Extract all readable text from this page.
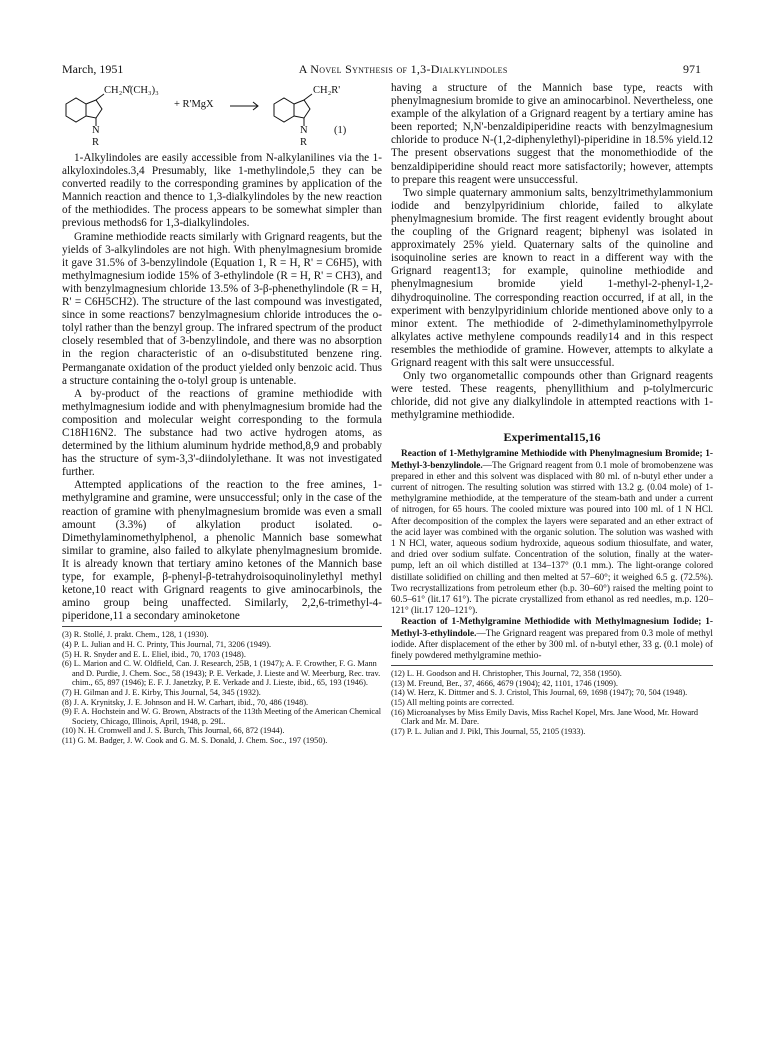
March, 1951	A Novel Synthesis of 1,3-Dialkylindoles	971
CH₂N̊(CH₃)₃
+ R'MgX
CH₂R'
N
R
N
R
(1)

1-Alkylindoles are easily accessible from N-alkylanilines via the 1-alkyloxindoles.3,4 Presumably, like 1-methylindole,5 they can be converted readily to the corresponding gramines by application of the Mannich reaction and thence to 1,3-dialkylindoles by the new reaction of the methiodides. The process appears to be somewhat simpler than previous methods6 for 1,3-dialkylindoles.

Gramine methiodide reacts similarly with Grignard reagents, but the yields of 3-alkylindoles are not high. With phenylmagnesium bromide it gave 31.5% of 3-benzylindole (Equation 1, R = H, R' = C6H5), with methylmagnesium iodide 15% of 3-ethylindole (R = H, R' = CH3), and with benzylmagnesium chloride 13.5% of 3-β-phenethylindole (R = H, R' = C6H5CH2). The structure of the last compound was investigated, since in some reactions7 benzylmagnesium chloride introduces the o-tolyl rather than the benzyl group. The infrared spectrum of the product closely resembled that of 3-benzylindole, and there was no absorption in the region characteristic of an o-disubstituted benzene ring. Permanganate oxidation of the product yielded only benzoic acid. Thus a structure containing the o-tolyl group is untenable.

A by-product of the reactions of gramine methiodide with methylmagnesium iodide and with phenylmagnesium bromide had the composition and molecular weight corresponding to the formula C18H16N2. The substance had two active hydrogen atoms, as determined by the lithium aluminum hydride method,8,9 and probably has the structure of sym-3,3'-diindolylethane. It was not investigated further.

Attempted applications of the reaction to the free amines, 1-methylgramine and gramine, were unsuccessful; only in the case of the reaction of gramine with phenylmagnesium bromide was even a small amount (3.3%) of alkylation product isolated. o-Dimethylaminomethylphenol, a phenolic Mannich base somewhat similar to gramine, also failed to alkylate phenylmagnesium bromide. It is already known that tertiary amino ketones of the Mannich base type, for example, β-phenyl-β-tetrahydroisoquinolinylethyl methyl ketone,10 react with Grignard reagents to give aminocarbinols, the amino group being unaffected. Similarly, 2,2,6-trimethyl-4-piperidone,11 a secondary aminoketone

(3) R. Stollé, J. prakt. Chem., 128, 1 (1930).

(4) P. L. Julian and H. C. Printy, This Journal, 71, 3206 (1949).

(5) H. R. Snyder and E. L. Eliel, ibid., 70, 1703 (1948).

(6) L. Marion and C. W. Oldfield, Can. J. Research, 25B, 1 (1947); A. F. Crowther, F. G. Mann and D. Purdie, J. Chem. Soc., 58 (1943); P. E. Verkade, J. Lieste and W. Meerburg, Rec. trav. chim., 65, 897 (1946); E. F. J. Janetzky, P. E. Verkade and J. Lieste, ibid., 65, 193 (1946).

(7) H. Gilman and J. E. Kirby, This Journal, 54, 345 (1932).

(8) J. A. Krynitsky, J. E. Johnson and H. W. Carhart, ibid., 70, 486 (1948).

(9) F. A. Hochstein and W. G. Brown, Abstracts of the 113th Meeting of the American Chemical Society, Chicago, Illinois, April, 1948, p. 29L.

(10) N. H. Cromwell and J. S. Burch, This Journal, 66, 872 (1944).

(11) G. M. Badger, J. W. Cook and G. M. S. Donald, J. Chem. Soc., 197 (1950).

having a structure of the Mannich base type, reacts with phenylmagnesium bromide to give an aminocarbinol. Nevertheless, one example of the alkylation of a Grignard reagent by a tertiary amine has been reported; N,N'-benzaldipiperidine reacts with benzylmagnesium chloride to produce N-(1,2-diphenylethyl)-piperidine in 18.5% yield.12 The present observations suggest that the monomethiodide of the benzaldipiperidine should react more satisfactorily; however, attempts to prepare this reagent were unsuccessful.

Two simple quaternary ammonium salts, benzyltrimethylammonium iodide and benzylpyridinium chloride, failed to alkylate phenylmagnesium bromide. The first reagent evidently brought about the coupling of the Grignard reagent; biphenyl was isolated in approximately 25% yield. Quaternary salts of the quinoline and isoquinoline series are known to react in a different way with the Grignard reagent13; for example, quinoline methiodide and phenylmagnesium bromide yield 1-methyl-2-phenyl-1,2-dihydroquinoline. The corresponding reaction occurred, if at all, in the experiment with benzylpyridinium chloride mentioned above only to a minor extent. The methiodide of 2-dimethylaminomethylpyrrole alkylates active methylene compounds readily14 and in this respect resembles the methiodide of gramine. However, attempts to alkylate a Grignard reagent with this salt were unsuccessful.

Only two organometallic compounds other than Grignard reagents were tested. These reagents, phenyllithium and p-tolylmercuric chloride, did not give any dialkylindole in attempted reactions with 1-methylgramine methiodide.

Experimental15,16

Reaction of 1-Methylgramine Methiodide with Phenylmagnesium Bromide; 1-Methyl-3-benzylindole.—The Grignard reagent from 0.1 mole of bromobenzene was prepared in ether and this solvent was displaced with 80 ml. of n-butyl ether under a current of nitrogen. The resulting solution was stirred with 13.2 g. (0.04 mole) of 1-methylgramine methiodide, at the temperature of the steam-bath and under a current of nitrogen, for 65 hours. The cooled mixture was poured into 100 ml. of 1 N HCl. After decomposition of the complex the layers were separated and an ether extract of the acid layer was combined with the organic solution. The solution was washed with 1 N HCl, water, aqueous sodium hydroxide, aqueous sodium thiosulfate, and water, and dried over sodium sulfate. Concentration of the solution, finally at the water-pump, left an oil which distilled at 134–137° (0.1 mm.). The light-orange colored distillate solidified on chilling and then melted at 57–60°; it weighed 6.5 g. (72.5%). Two recrystallizations from petroleum ether (b.p. 30–60°) raised the melting point to 60.5–61° (lit.17 61°). The picrate crystallized from ethanol as red needles, m.p. 120–121° (lit.17 120–121°).

Reaction of 1-Methylgramine Methiodide with Methylmagnesium Iodide; 1-Methyl-3-ethylindole.—The Grignard reagent was prepared from 0.3 mole of methyl iodide. After displacement of the ether by 300 ml. of n-butyl ether, 33 g. (0.1 mole) of finely powdered methylgramine methio-

(12) L. H. Goodson and H. Christopher, This Journal, 72, 358 (1950).

(13) M. Freund, Ber., 37, 4666, 4679 (1904); 42, 1101, 1746 (1909).

(14) W. Herz, K. Dittmer and S. J. Cristol, This Journal, 69, 1698 (1947); 70, 504 (1948).

(15) All melting points are corrected.

(16) Microanalyses by Miss Emily Davis, Miss Rachel Kopel, Mrs. Jane Wood, Mr. Howard Clark and Mr. M. Dare.

(17) P. L. Julian and J. Pikl, This Journal, 55, 2105 (1933).
